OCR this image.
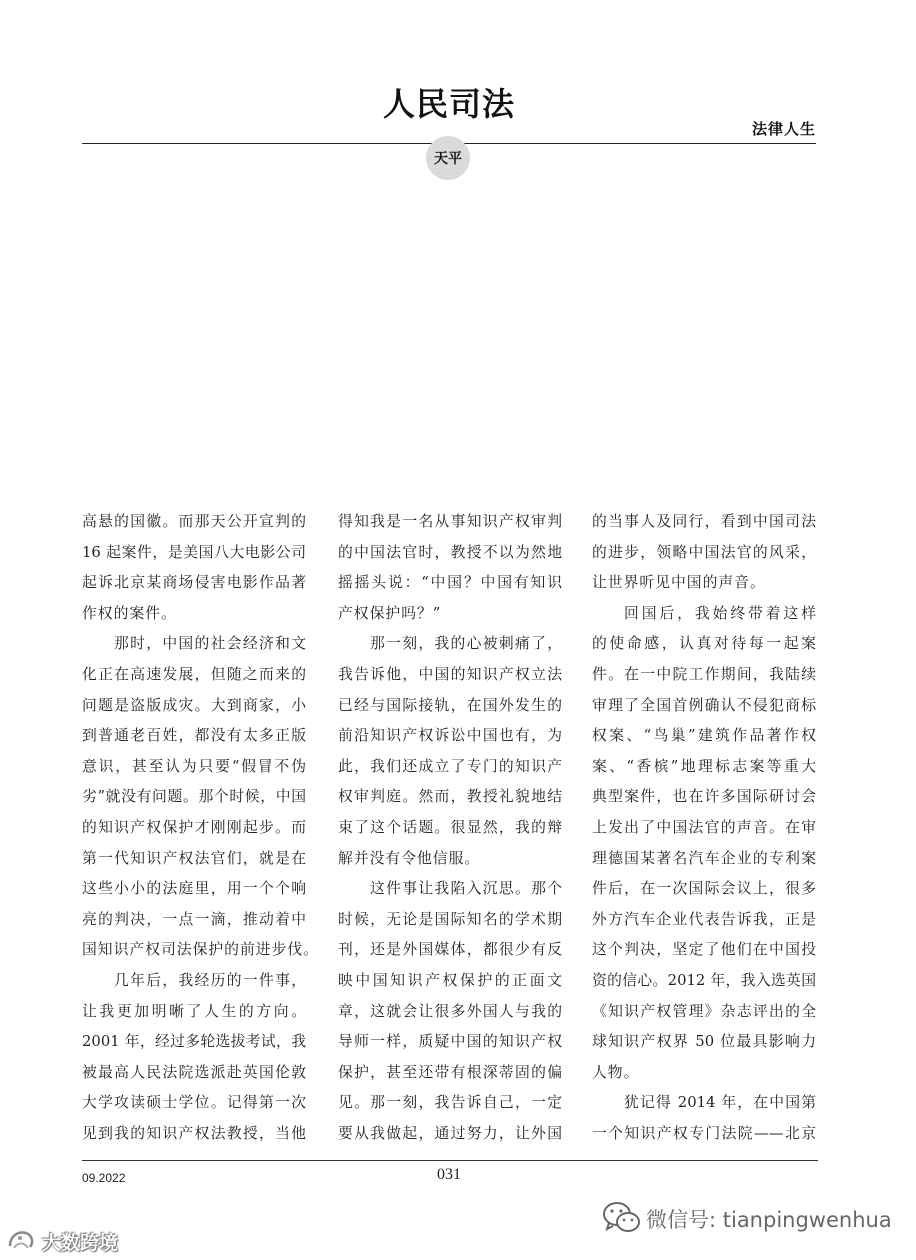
人民司法
法律人生
天平
高悬的国徽。而那天公开宣判的
16 起案件，是美国八大电影公司
起诉北京某商场侵害电影作品著
作权的案件。
那时，中国的社会经济和文
化正在高速发展，但随之而来的
问题是盗版成灾。大到商家，小
到普通老百姓，都没有太多正版
意识，甚至认为只要“假冒不伪
劣”就没有问题。那个时候，中国
的知识产权保护才刚刚起步。而
第一代知识产权法官们，就是在
这些小小的法庭里，用一个个响
亮的判决，一点一滴，推动着中
国知识产权司法保护的前进步伐。
几年后，我经历的一件事，
让我更加明晰了人生的方向。
2001 年，经过多轮选拔考试，我
被最高人民法院选派赴英国伦敦
大学攻读硕士学位。记得第一次
见到我的知识产权法教授，当他
得知我是一名从事知识产权审判
的中国法官时，教授不以为然地
摇摇头说：“中国？中国有知识
产权保护吗？”
那一刻，我的心被刺痛了，
我告诉他，中国的知识产权立法
已经与国际接轨，在国外发生的
前沿知识产权诉讼中国也有，为
此，我们还成立了专门的知识产
权审判庭。然而，教授礼貌地结
束了这个话题。很显然，我的辩
解并没有令他信服。
这件事让我陷入沉思。那个
时候，无论是国际知名的学术期
刊，还是外国媒体，都很少有反
映中国知识产权保护的正面文
章，这就会让很多外国人与我的
导师一样，质疑中国的知识产权
保护，甚至还带有根深蒂固的偏
见。那一刻，我告诉自己，一定
要从我做起，通过努力，让外国
的当事人及同行，看到中国司法
的进步，领略中国法官的风采，
让世界听见中国的声音。
回国后，我始终带着这样
的使命感，认真对待每一起案
件。在一中院工作期间，我陆续
审理了全国首例确认不侵犯商标
权案、“鸟巢”建筑作品著作权
案、“香槟”地理标志案等重大
典型案件，也在许多国际研讨会
上发出了中国法官的声音。在审
理德国某著名汽车企业的专利案
件后，在一次国际会议上，很多
外方汽车企业代表告诉我，正是
这个判决，坚定了他们在中国投
资的信心。2012 年，我入选英国
《知识产权管理》杂志评出的全
球知识产权界 50 位最具影响力
人物。
犹记得 2014 年，在中国第
一个知识产权专门法院——北京
09.2022	031
微信号: tianpingwenhua
大数跨境
